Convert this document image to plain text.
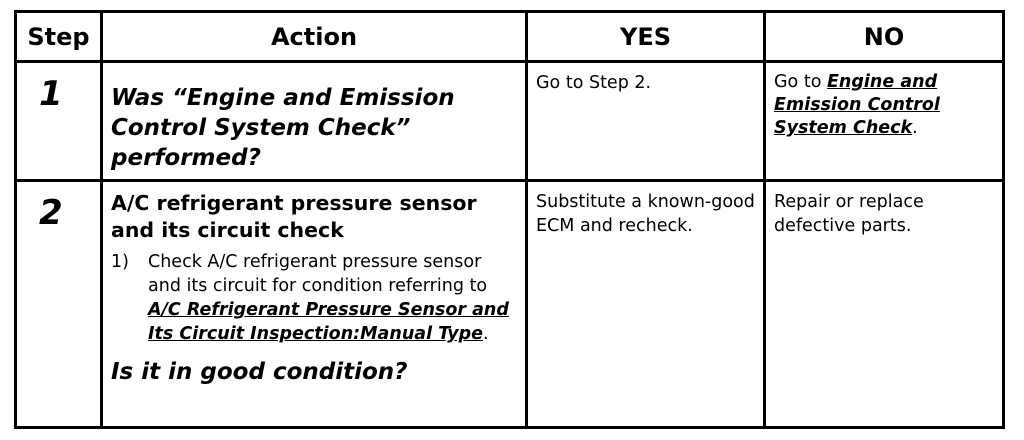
Step	Action	YES	NO

1	Was “Engine and Emission Control System Check” performed?	Go to Step 2.	Go to Engine and Emission Control System Check.

2	A/C refrigerant pressure sensor and its circuit check
1) Check A/C refrigerant pressure sensor and its circuit for condition referring to A/C Refrigerant Pressure Sensor and Its Circuit Inspection:Manual Type.
Is it in good condition?	Substitute a known-good ECM and recheck.	Repair or replace defective parts.
